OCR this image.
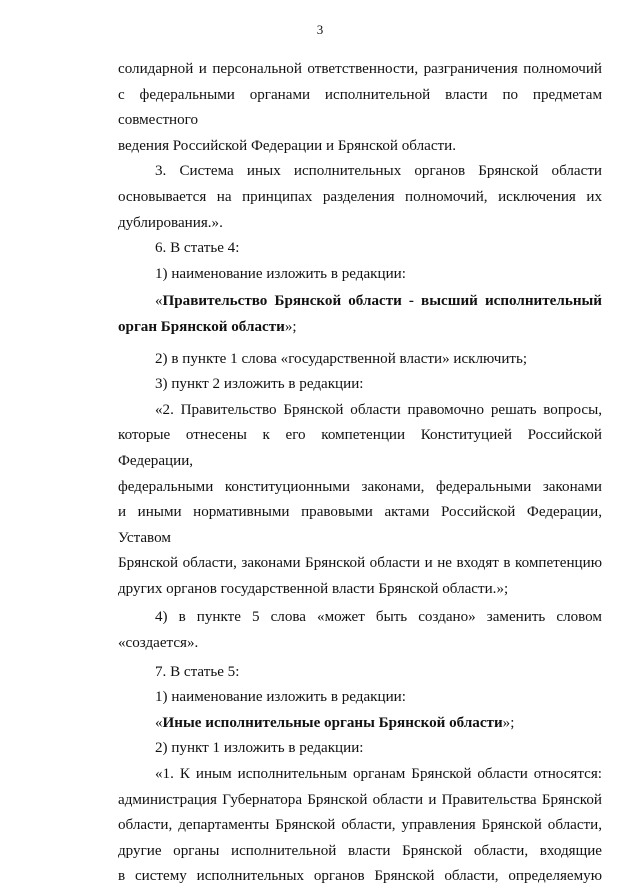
3
солидарной и персональной ответственности, разграничения полномочий
с федеральными органами исполнительной власти по предметам совместного
ведения Российской Федерации и Брянской области.
3. Система иных исполнительных органов Брянской области
основывается на принципах разделения полномочий, исключения их
дублирования.».
6. В статье 4:
1) наименование изложить в редакции:
«Правительство Брянской области - высший исполнительный
орган Брянской области»;
2) в пункте 1 слова «государственной власти» исключить;
3) пункт 2 изложить в редакции:
«2. Правительство Брянской области правомочно решать вопросы,
которые отнесены к его компетенции Конституцией Российской Федерации,
федеральными конституционными законами, федеральными законами
и иными нормативными правовыми актами Российской Федерации, Уставом
Брянской области, законами Брянской области и не входят в компетенцию
других органов государственной власти Брянской области.»;
4) в пункте 5 слова «может быть создано» заменить словом
«создается».
7. В статье 5:
1) наименование изложить в редакции:
«Иные исполнительные органы Брянской области»;
2) пункт 1 изложить в редакции:
«1. К иным исполнительным органам Брянской области относятся:
администрация Губернатора Брянской области и Правительства Брянской
области, департаменты Брянской области, управления Брянской области,
другие органы исполнительной власти Брянской области, входящие
в систему исполнительных органов Брянской области, определяемую
